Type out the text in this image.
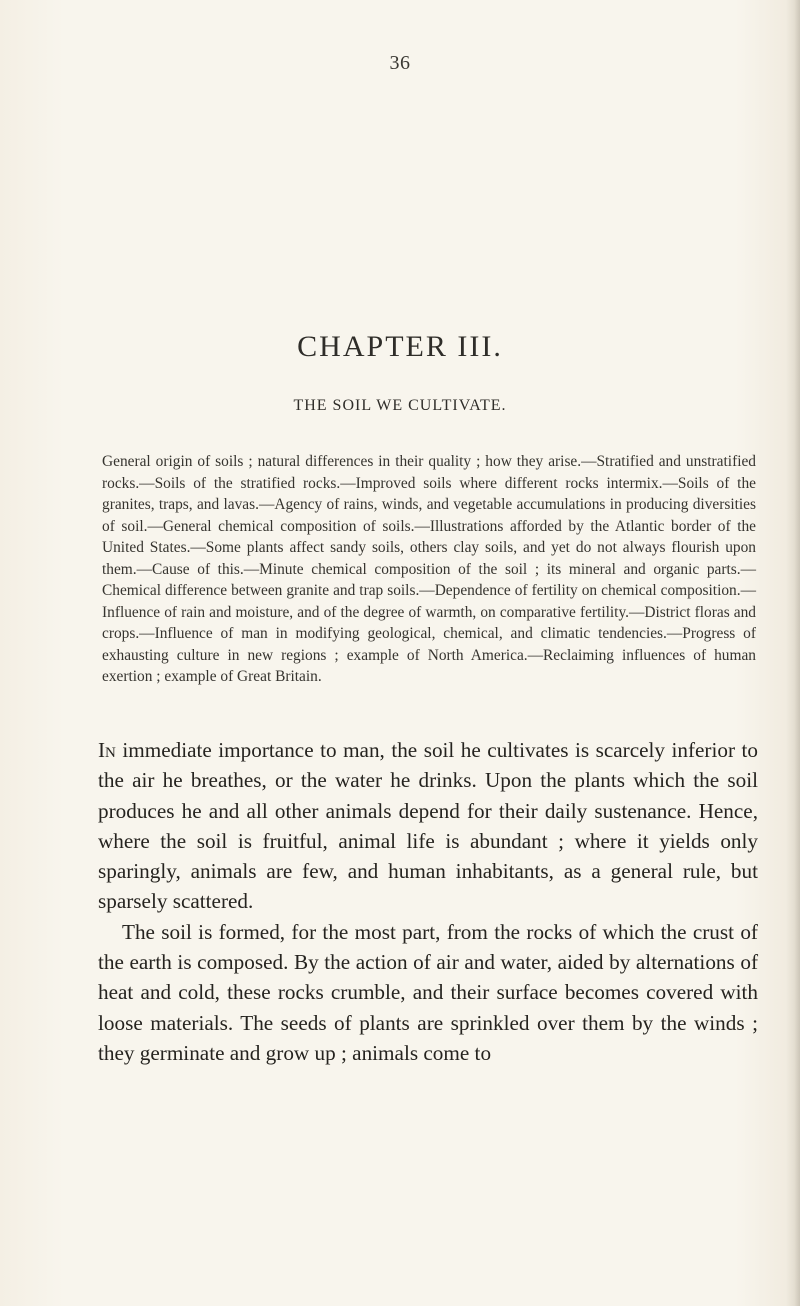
36
CHAPTER III.
THE SOIL WE CULTIVATE.
General origin of soils ; natural differences in their quality ; how they arise.—Stratified and unstratified rocks.—Soils of the stratified rocks.—Improved soils where different rocks intermix.—Soils of the granites, traps, and lavas.—Agency of rains, winds, and vegetable accumulations in producing diversities of soil.—General chemical composition of soils.—Illustrations afforded by the Atlantic border of the United States.—Some plants affect sandy soils, others clay soils, and yet do not always flourish upon them.—Cause of this.—Minute chemical composition of the soil ; its mineral and organic parts.—Chemical difference between granite and trap soils.—Dependence of fertility on chemical composition.—Influence of rain and moisture, and of the degree of warmth, on comparative fertility.—District floras and crops.—Influence of man in modifying geological, chemical, and climatic tendencies.—Progress of exhausting culture in new regions ; example of North America.—Reclaiming influences of human exertion ; example of Great Britain.

In immediate importance to man, the soil he cultivates is scarcely inferior to the air he breathes, or the water he drinks. Upon the plants which the soil produces he and all other animals depend for their daily sustenance. Hence, where the soil is fruitful, animal life is abundant ; where it yields only sparingly, animals are few, and human inhabitants, as a general rule, but sparsely scattered.

The soil is formed, for the most part, from the rocks of which the crust of the earth is composed. By the action of air and water, aided by alternations of heat and cold, these rocks crumble, and their surface becomes covered with loose materials. The seeds of plants are sprinkled over them by the winds ; they germinate and grow up ; animals come to
